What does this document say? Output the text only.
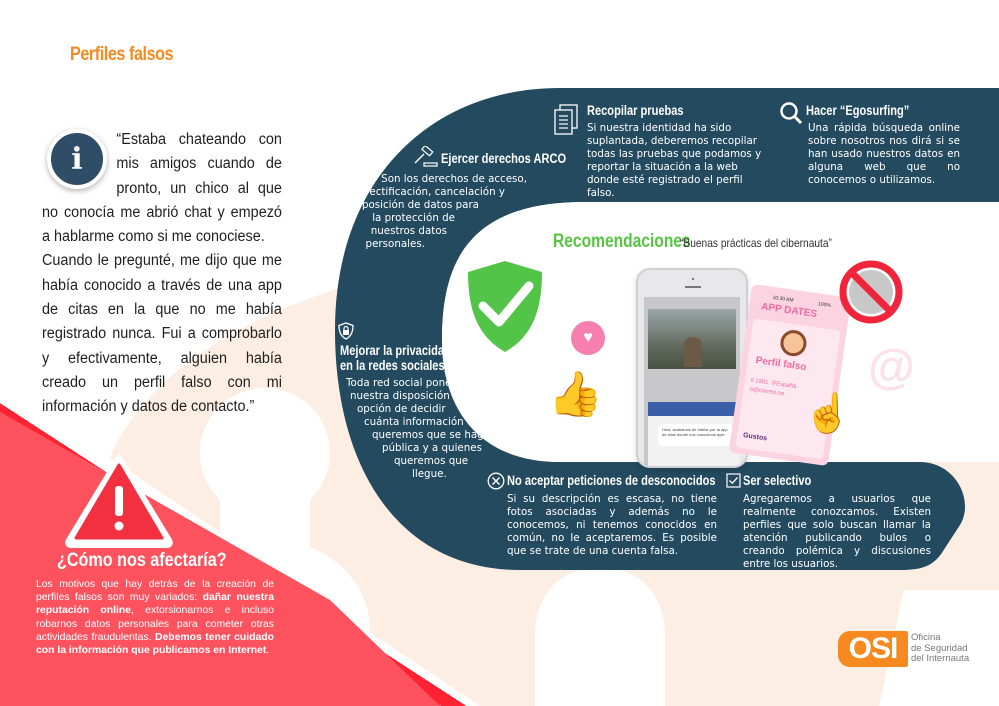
Perfiles falsos
👍
@
♥
Hola, acabamos de hablar por la app de citas donde nos conocimos ayer.
10:30 AM
100%
APP DATES
Perfil falso
il 1991 ⚲España
o@correo.oo
Gustos
☝
Recomendaciones
“Buenas prácticas del cibernauta”
Ejercer derechos ARCO
Son los derechos de acceso,
rectificación, cancelación y
oposición de datos para
la protección de
nuestros datos
personales.
Recopilar pruebas
Si nuestra identidad ha sido suplantada, deberemos recopilar todas las pruebas que podamos y reportar la situación a la web donde esté registrado el perfil falso.
Hacer “Egosurfing”
Una rápida búsqueda online sobre nosotros nos dirá si se han usado nuestros datos en alguna web que no conocemos o utilizamos.
Mejorar la privacidad
en la redes sociales
Toda red social pone a
nuestra disposición la
opción de decidir
cuánta información
queremos que se haga
pública y a quienes
queremos que
llegue.	No aceptar peticiones de desconocidos
Si su descripción es escasa, no tiene fotos asociadas y además no le conocemos, ni tenemos conocidos en común, no le aceptaremos. Es posible que se trate de una cuenta falsa.
Ser selectivo
Agregaremos a usuarios que realmente conozcamos. Existen perfiles que solo buscan llamar la atención publicando bulos o creando polémica y discusiones entre los usuarios.
i
“Estaba chateando con mis amigos cuando de pronto, un chico al que no conocía me abrió chat y empezó a hablarme como si me conociese.
Cuando le pregunté, me dijo que me había conocido a través de una app de citas en la que no me había registrado nunca. Fui a comprobarlo y efectivamente, alguien había creado un perfil falso con mi información y datos de contacto.”
¿Cómo nos afectaría?
Los motivos que hay detrás de la creación de perfiles falsos son muy variados: dañar nuestra reputación online, extorsionarnos e incluso robarnos datos personales para cometer otras actividades fraudulentas. Debemos tener cuidado con la información que publicamos en Internet.	OSI	Oficina
de Seguridad
del Internauta
